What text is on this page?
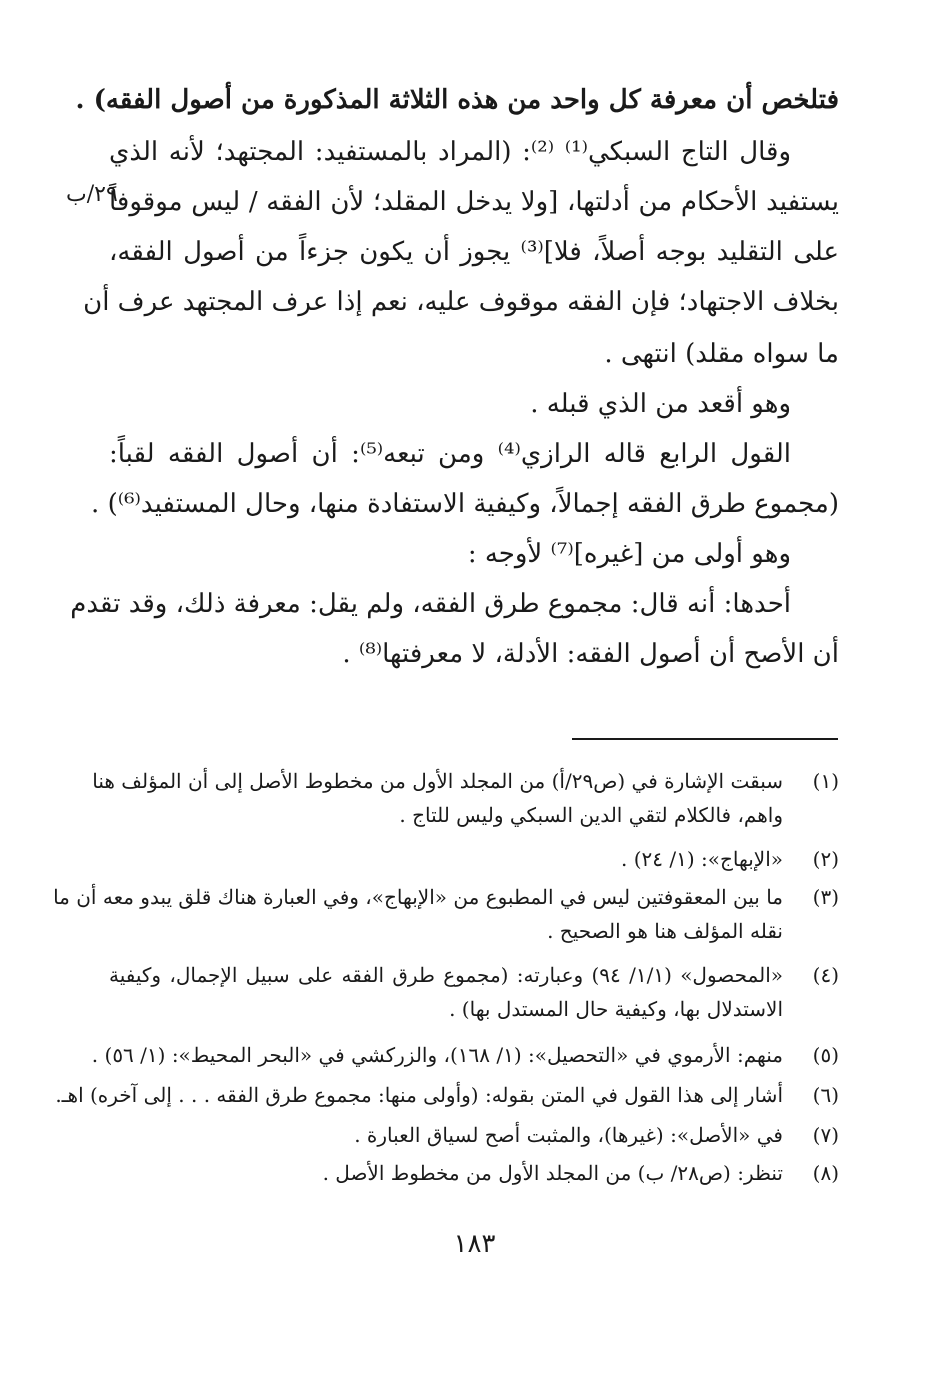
فتلخص أن معرفة كل واحد من هذه الثلاثة المذكورة من أصول الفقه) .
وقال التاج السبكي⁽¹⁾ ⁽²⁾: (المراد بالمستفيد: المجتهد؛ لأنه الذي
يستفيد الأحكام من أدلتها، [ولا يدخل المقلد؛ لأن الفقه / ليس موقوفاً
على التقليد بوجه أصلاً، فلا]⁽³⁾ يجوز أن يكون جزءاً من أصول الفقه،
بخلاف الاجتهاد؛ فإن الفقه موقوف عليه، نعم إذا عرف المجتهد عرف أن
ما سواه مقلد) انتهى .
وهو أقعد من الذي قبله .
القول الرابع قاله الرازي⁽⁴⁾ ومن تبعه⁽⁵⁾: أن أصول الفقه لقباً:
(مجموع طرق الفقه إجمالاً، وكيفية الاستفادة منها، وحال المستفيد⁽⁶⁾) .
وهو أولى من [غيره]⁽⁷⁾ لأوجه :
أحدها: أنه قال: مجموع طرق الفقه، ولم يقل: معرفة ذلك، وقد تقدم
أن الأصح أن أصول الفقه: الأدلة، لا معرفتها⁽⁸⁾ .
٢٩/ب
(١)
سبقت الإشارة في (ص٢٩/أ) من المجلد الأول من مخطوط الأصل إلى أن المؤلف هنا
واهم، فالكلام لتقي الدين السبكي وليس للتاج .
(٢)
«الإبهاج»: (١/ ٢٤) .
(٣)
ما بين المعقوفتين ليس في المطبوع من «الإبهاج»، وفي العبارة هناك قلق يبدو معه أن ما
نقله المؤلف هنا هو الصحيح .
(٤)
«المحصول» (١/١/ ٩٤) وعبارته: (مجموع طرق الفقه على سبيل الإجمال، وكيفية
الاستدلال بها، وكيفية حال المستدل بها) .
(٥)
منهم: الأرموي في «التحصيل»: (١/ ١٦٨)، والزركشي في «البحر المحيط»: (١/ ٥٦) .
(٦)
أشار إلى هذا القول في المتن بقوله: (وأولى منها: مجموع طرق الفقه . . . إلى آخره) اهـ.
(٧)
في «الأصل»: (غيرها)، والمثبت أصح لسياق العبارة .
(٨)
تنظر: (ص٢٨/ ب) من المجلد الأول من مخطوط الأصل .
١٨٣
